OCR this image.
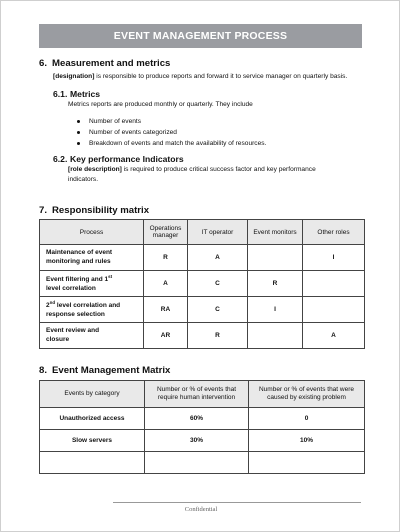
EVENT MANAGEMENT PROCESS
6. Measurement and metrics
[designation] is responsible to produce reports and forward it to service manager on quarterly basis.
6.1. Metrics
Metrics reports are produced monthly or quarterly. They include
Number of events
Number of events categorized
Breakdown of events and match the availability of resources.
6.2. Key performance Indicators
[role description] is required to produce critical success factor and key performance
indicators.
7. Responsibility matrix
Process	Operations manager	IT operator	Event monitors	Other roles
Maintenance of event
monitoring and rules	R	A		I
Event filtering and 1st
level correlation	A	C	R	
2nd level correlation and
response selection	RA	C	I	
Event review and
closure	AR	R		A
8. Event Management Matrix
Events by category	Number or % of events that require human intervention	Number or % of events that were caused by existing problem
Unauthorized access	60%	0
Slow servers	30%	10%

Confidential
